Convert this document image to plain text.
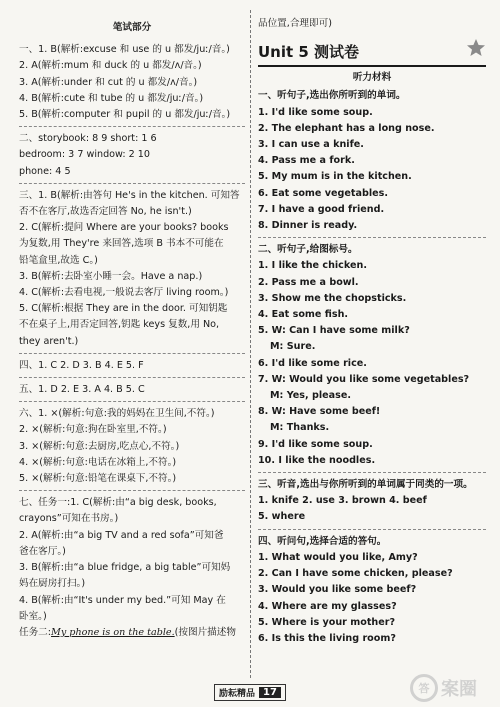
笔试部分
一、1. B(解析:excuse 和 use 的 u 都发/juː/音。)
2. A(解析:mum 和 duck 的 u 都发/ʌ/音。)
3. A(解析:under 和 cut 的 u 都发/ʌ/音。)
4. B(解析:cute 和 tube 的 u 都发/juː/音。)
5. B(解析:computer 和 pupil 的 u 都发/juː/音。)
二、storybook: 8 9 short: 1 6
bedroom: 3 7 window: 2 10
phone: 4 5
三、1. B(解析:由答句 He's in the kitchen. 可知答
否不在客厅,故选否定回答 No, he isn't.)
2. C(解析:提问 Where are your books? books
为复数,用 They're 来回答,选项 B 书本不可能在
铅笔盒里,故选 C。)
3. B(解析:去卧室小睡一会。Have a nap.)
4. C(解析:去看电视,一般说去客厅 living room。)
5. C(解析:根据 They are in the door. 可知钥匙
不在桌子上,用否定回答,钥匙 keys 复数,用 No,
they aren't.)
四、1. C 2. D 3. B 4. E 5. F
五、1. D 2. E 3. A 4. B 5. C
六、1. ×(解析:句意:我的妈妈在卫生间,不符。)
2. ×(解析:句意:狗在卧室里,不符。)
3. ×(解析:句意:去厨房,吃点心,不符。)
4. ×(解析:句意:电话在冰箱上,不符。)
5. ×(解析:句意:铅笔在课桌下,不符。)
七、任务一:1. C(解析:由“a big desk, books,
crayons”可知在书房。)
2. A(解析:由“a big TV and a red sofa”可知爸
爸在客厅。)
3. B(解析:由“a blue fridge, a big table”可知妈
妈在厨房打扫。)
4. B(解析:由“It's under my bed.”可知 May 在
卧室。)
任务二:My phone is on the table.(按图片描述物
品位置,合理即可)
Unit 5 测试卷
听力材料
一、听句子,选出你所听到的单词。
1. I'd like some soup.
2. The elephant has a long nose.
3. I can use a knife.
4. Pass me a fork.
5. My mum is in the kitchen.
6. Eat some vegetables.
7. I have a good friend.
8. Dinner is ready.
二、听句子,给图标号。
1. I like the chicken.
2. Pass me a bowl.
3. Show me the chopsticks.
4. Eat some fish.
5. W: Can I have some milk?
M: Sure.
6. I'd like some rice.
7. W: Would you like some vegetables?
M: Yes, please.
8. W: Have some beef!
M: Thanks.
9. I'd like some soup.
10. I like the noodles.
三、听音,选出与你所听到的单词属于同类的一项。
1. knife 2. use 3. brown 4. beef
5. where
四、听问句,选择合适的答句。
1. What would you like, Amy?
2. Can I have some chicken, please?
3. Would you like some beef?
4. Where are my glasses?
5. Where is your mother?
6. Is this the living room?
励耘精品 17	答 案圈
